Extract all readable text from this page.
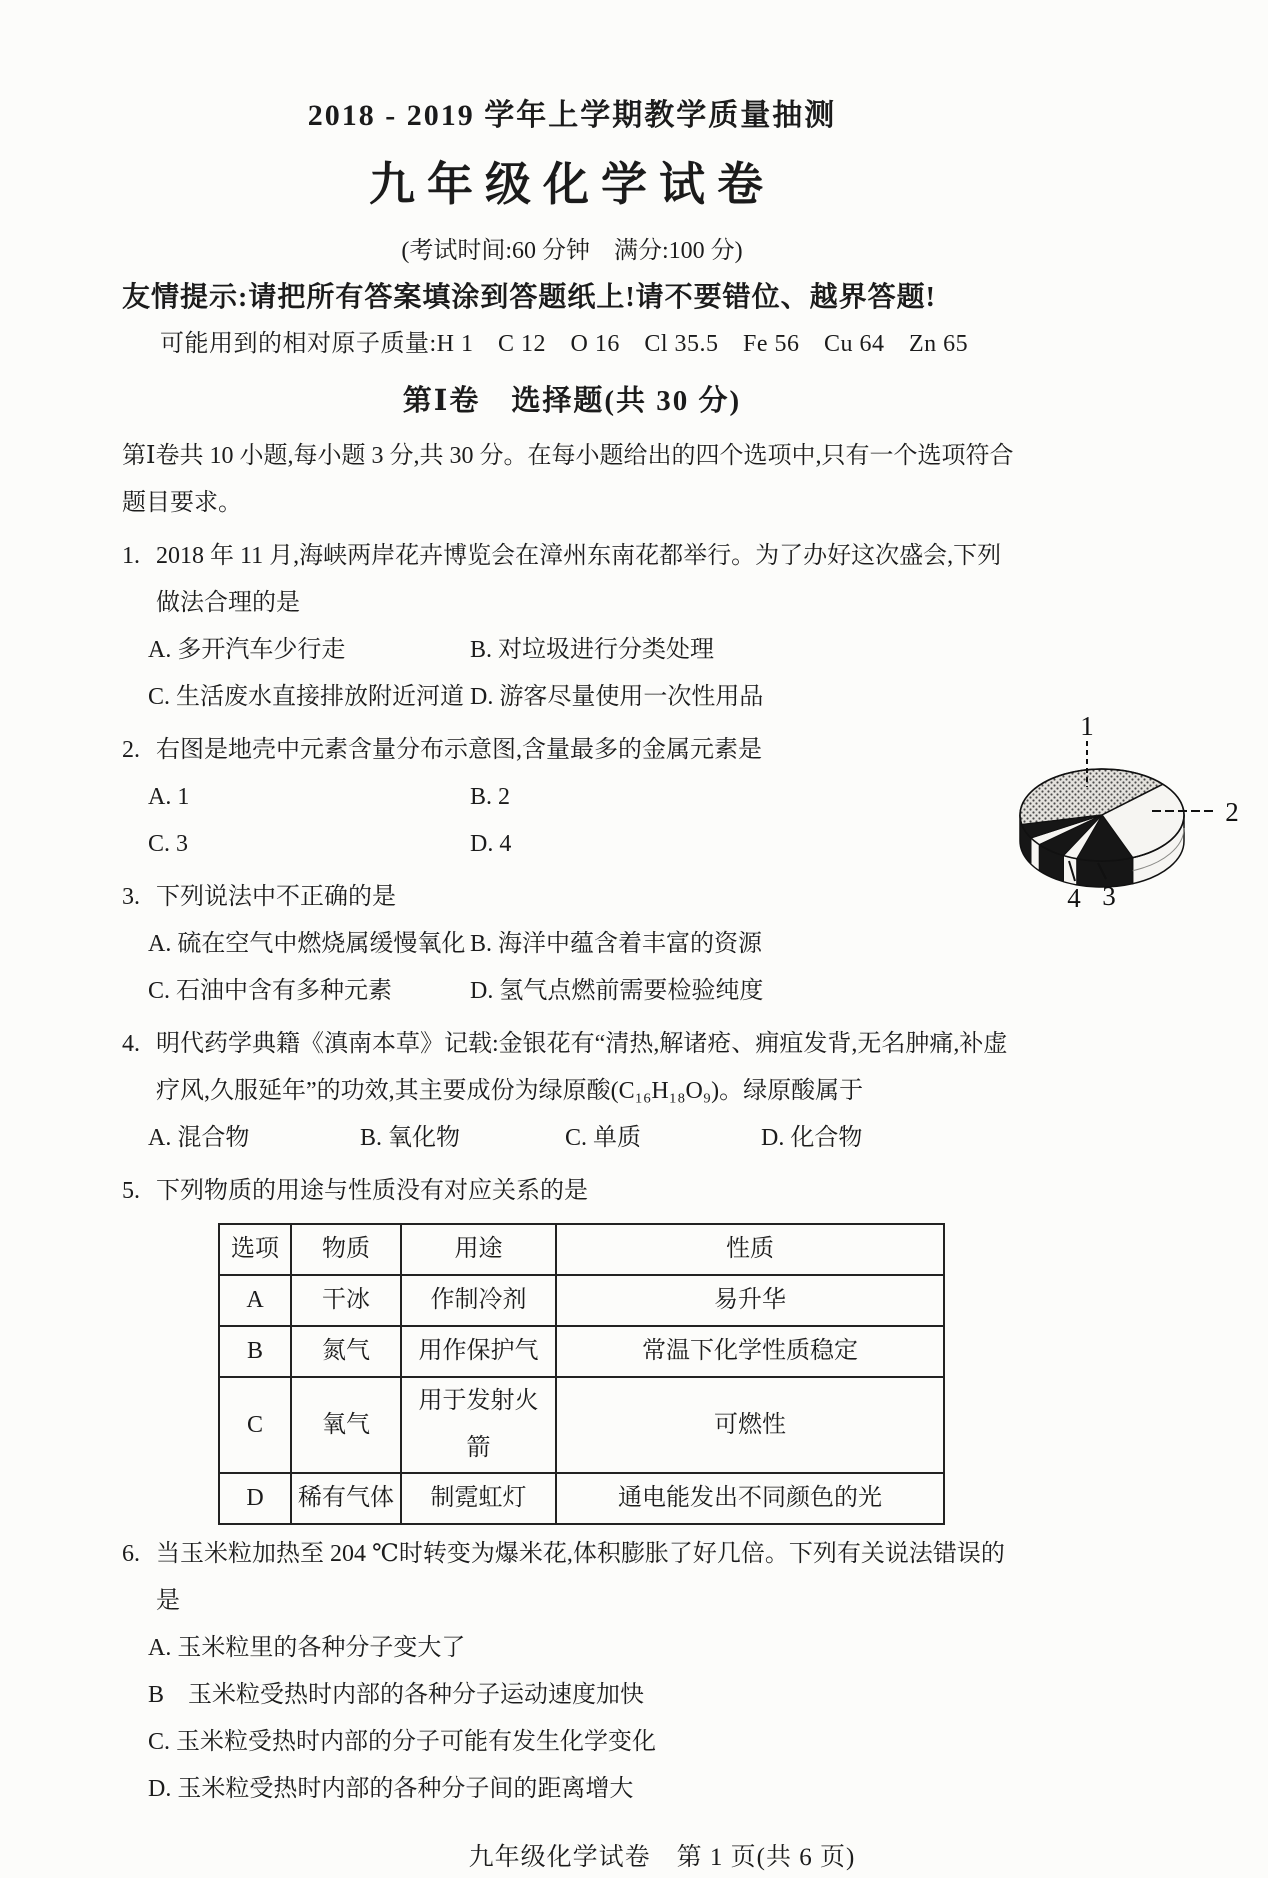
2018 - 2019 学年上学期教学质量抽测
九年级化学试卷
(考试时间:60 分钟　满分:100 分)
友情提示:请把所有答案填涂到答题纸上!请不要错位、越界答题!
可能用到的相对原子质量:H 1　C 12　O 16　Cl 35.5　Fe 56　Cu 64　Zn 65
第Ⅰ卷　选择题(共 30 分)
第Ⅰ卷共 10 小题,每小题 3 分,共 30 分。在每小题给出的四个选项中,只有一个选项符合题目要求。
1. 2018 年 11 月,海峡两岸花卉博览会在漳州东南花都举行。为了办好这次盛会,下列做法合理的是
A. 多开汽车少行走	B. 对垃圾进行分类处理
C. 生活废水直接排放附近河道 D. 游客尽量使用一次性用品
2. 右图是地壳中元素含量分布示意图,含量最多的金属元素是
A. 1	B. 2
C. 3	D. 4
3. 下列说法中不正确的是
A. 硫在空气中燃烧属缓慢氧化 B. 海洋中蕴含着丰富的资源
C. 石油中含有多种元素	D. 氢气点燃前需要检验纯度
4. 明代药学典籍《滇南本草》记载:金银花有“清热,解诸疮、痈疽发背,无名肿痛,补虚疗风,久服延年”的功效,其主要成份为绿原酸(C₁₆H₁₈O₉)。绿原酸属于
A. 混合物	B. 氧化物	C. 单质	D. 化合物
5. 下列物质的用途与性质没有对应关系的是
选项	物质	用途	性质
A	干冰	作制冷剂	易升华
B	氮气	用作保护气	常温下化学性质稳定
C	氧气	用于发射火箭	可燃性
D	稀有气体	制霓虹灯	通电能发出不同颜色的光
6. 当玉米粒加热至 204 ℃时转变为爆米花,体积膨胀了好几倍。下列有关说法错误的是
A. 玉米粒里的各种分子变大了
B　玉米粒受热时内部的各种分子运动速度加快
C. 玉米粒受热时内部的分子可能有发生化学变化
D. 玉米粒受热时内部的各种分子间的距离增大
九年级化学试卷　第 1 页(共 6 页)
1
2
4 3
